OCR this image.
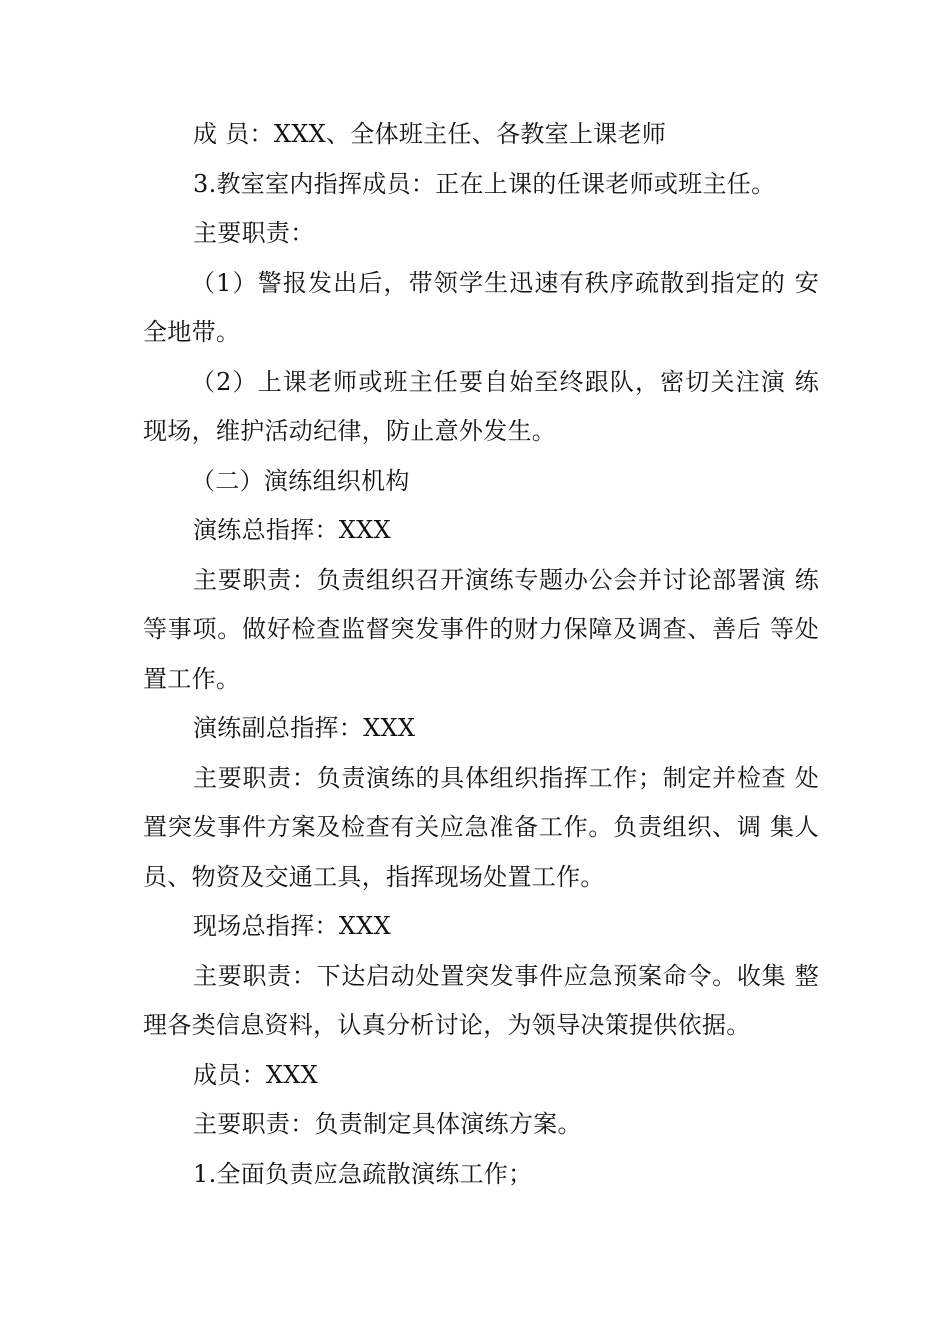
成 员：XXX、全体班主任、各教室上课老师

3.教室室内指挥成员：正在上课的任课老师或班主任。

主要职责：

（1）警报发出后，带领学生迅速有秩序疏散到指定的 安全地带。

（2）上课老师或班主任要自始至终跟队，密切关注演 练现场，维护活动纪律，防止意外发生。

（二）演练组织机构

演练总指挥：XXX

主要职责：负责组织召开演练专题办公会并讨论部署演 练等事项。做好检查监督突发事件的财力保障及调查、善后 等处置工作。

演练副总指挥：XXX

主要职责：负责演练的具体组织指挥工作；制定并检查 处置突发事件方案及检查有关应急准备工作。负责组织、调 集人员、物资及交通工具，指挥现场处置工作。

现场总指挥：XXX

主要职责：下达启动处置突发事件应急预案命令。收集 整理各类信息资料，认真分析讨论，为领导决策提供依据。

成员：XXX

主要职责：负责制定具体演练方案。

1.全面负责应急疏散演练工作；
